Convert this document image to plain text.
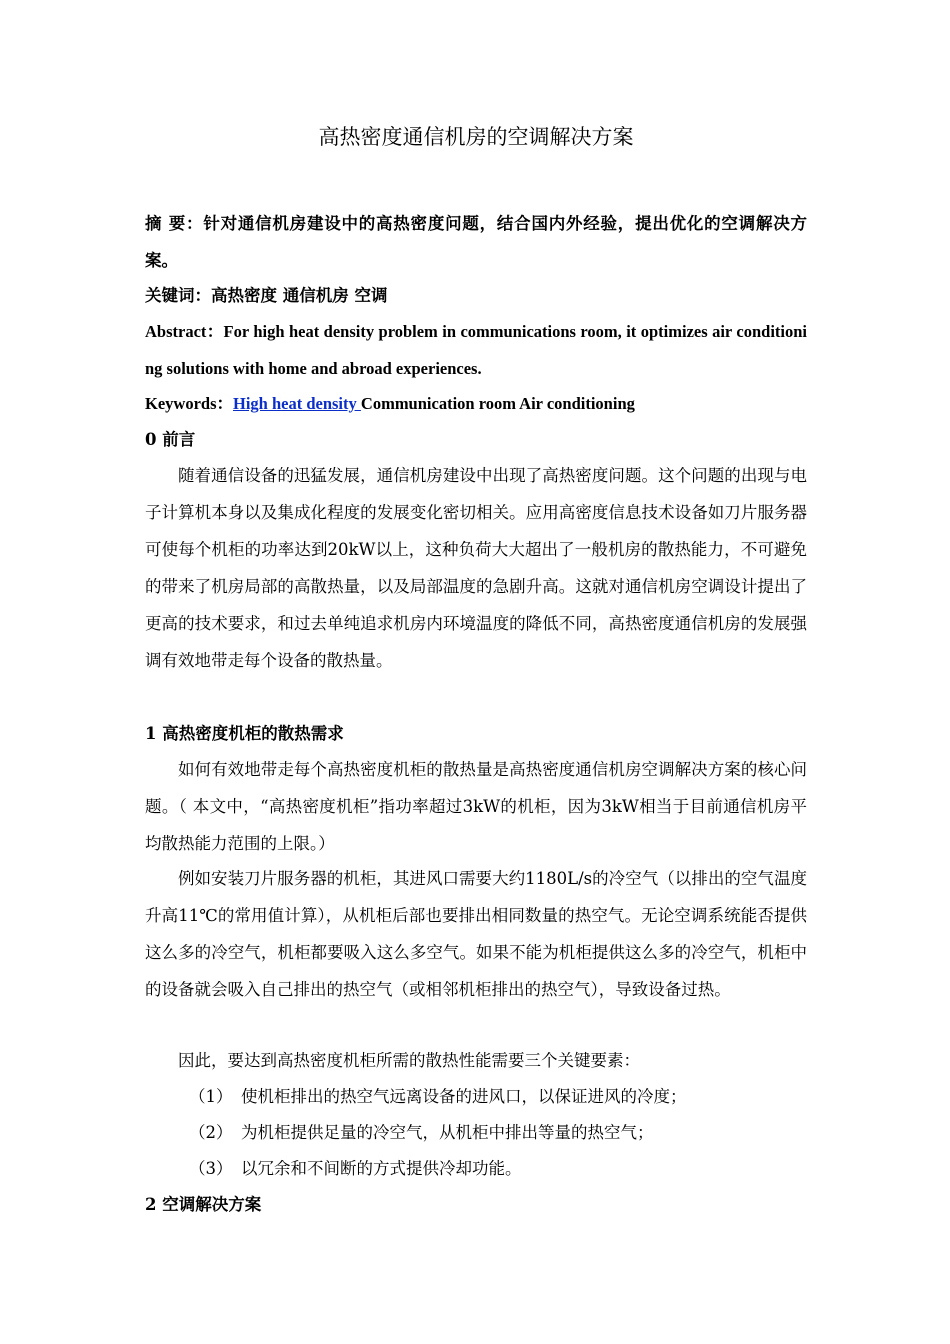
高热密度通信机房的空调解决方案
摘 要：针对通信机房建设中的高热密度问题，结合国内外经验，提出优化的空调解决方案。
关键词：高热密度 通信机房 空调
Abstract：For high heat density problem in communications room, it optimizes air conditioning solutions with home and abroad experiences.
Keywords：High heat density Communication room Air conditioning
0 前言
随着通信设备的迅猛发展，通信机房建设中出现了高热密度问题。这个问题的出现与电子计算机本身以及集成化程度的发展变化密切相关。应用高密度信息技术设备如刀片服务器可使每个机柜的功率达到20kW以上，这种负荷大大超出了一般机房的散热能力，不可避免的带来了机房局部的高散热量，以及局部温度的急剧升高。这就对通信机房空调设计提出了更高的技术要求，和过去单纯追求机房内环境温度的降低不同，高热密度通信机房的发展强调有效地带走每个设备的散热量。
1 高热密度机柜的散热需求
如何有效地带走每个高热密度机柜的散热量是高热密度通信机房空调解决方案的核心问题。（ 本文中，“高热密度机柜”指功率超过3kW的机柜，因为3kW相当于目前通信机房平均散热能力范围的上限。）
例如安装刀片服务器的机柜，其进风口需要大约1180L/s的冷空气（以排出的空气温度升高11℃的常用值计算），从机柜后部也要排出相同数量的热空气。无论空调系统能否提供这么多的冷空气，机柜都要吸入这么多空气。如果不能为机柜提供这么多的冷空气，机柜中的设备就会吸入自己排出的热空气（或相邻机柜排出的热空气），导致设备过热。
因此，要达到高热密度机柜所需的散热性能需要三个关键要素：
（1） 使机柜排出的热空气远离设备的进风口，以保证进风的冷度；
（2） 为机柜提供足量的冷空气，从机柜中排出等量的热空气；
（3） 以冗余和不间断的方式提供冷却功能。
2 空调解决方案
